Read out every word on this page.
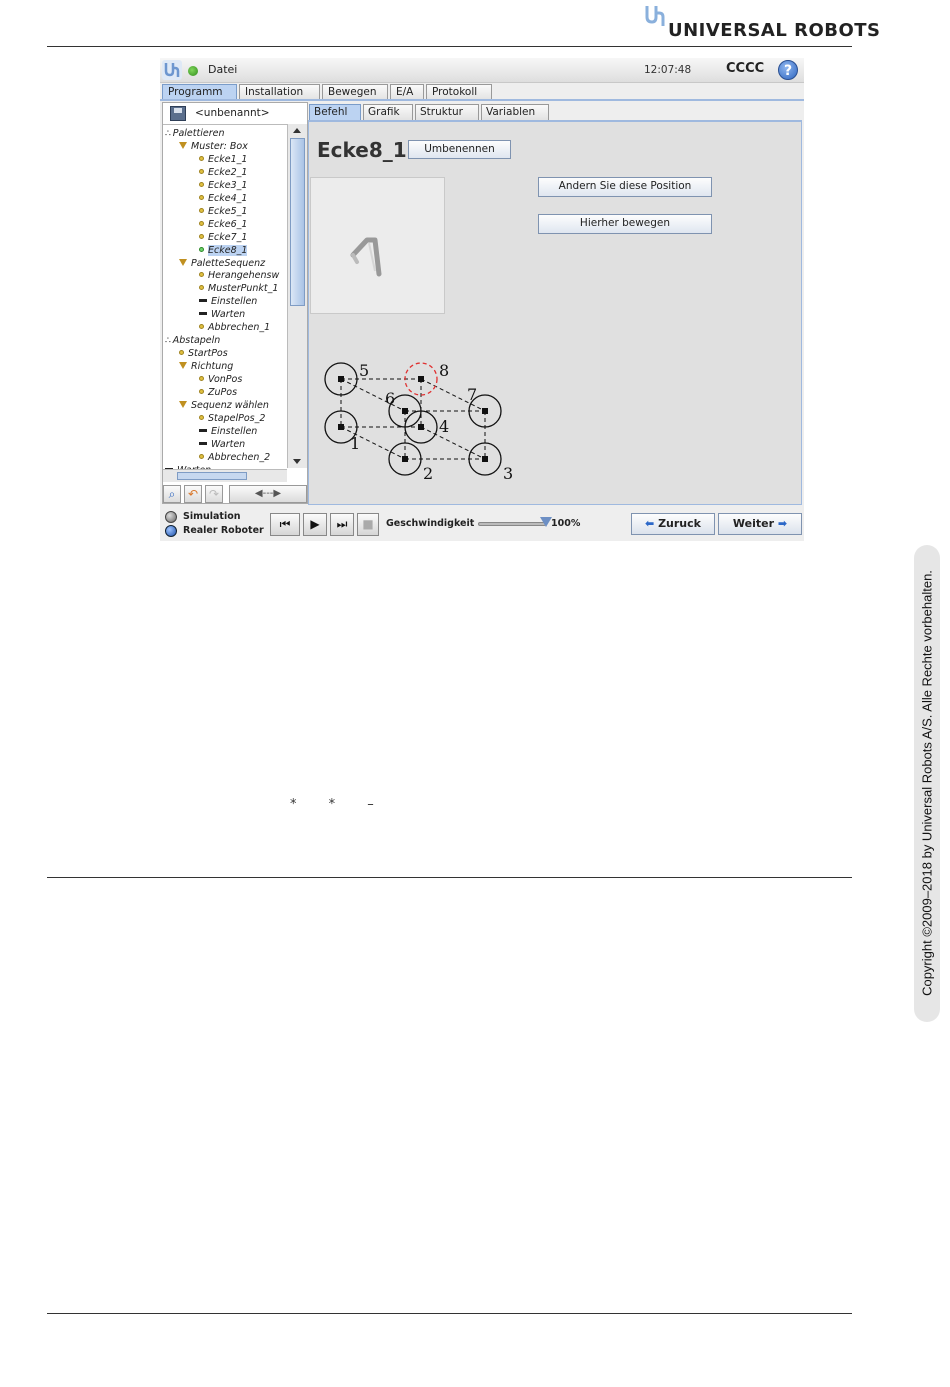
UNIVERSAL ROBOTS
Datei	12:07:48	CCCC	?
Programm	Installation	Bewegen	E/A	Protokoll
<unbenannt>
∴ Palettieren
Muster: Box
Ecke1_1
Ecke2_1
Ecke3_1
Ecke4_1
Ecke5_1
Ecke6_1
Ecke7_1
Ecke8_1
PaletteSequenz
Herangehensw
MusterPunkt_1
Einstellen
Warten
Abbrechen_1
∴ Abstapeln
StartPos
Richtung
VonPos
ZuPos
Sequenz wählen
StapelPos_2
Einstellen
Warten
Abbrechen_2
⌕	↶ ↷	◀---▶
Befehl	Grafik	Struktur	Variablen
Ecke8_1	Umbenennen
Andern Sie diese Position
Hierher bewegen
1
2	3
4
5
6
8
7
Simulation
Realer Roboter	⏮	▶	⏭	■	Geschwindigkeit	100%	⬅ Zuruck	Weiter ➡
* * –	Copyright ©2009–2018 by Universal Robots A/S. Alle Rechte vorbehalten.
